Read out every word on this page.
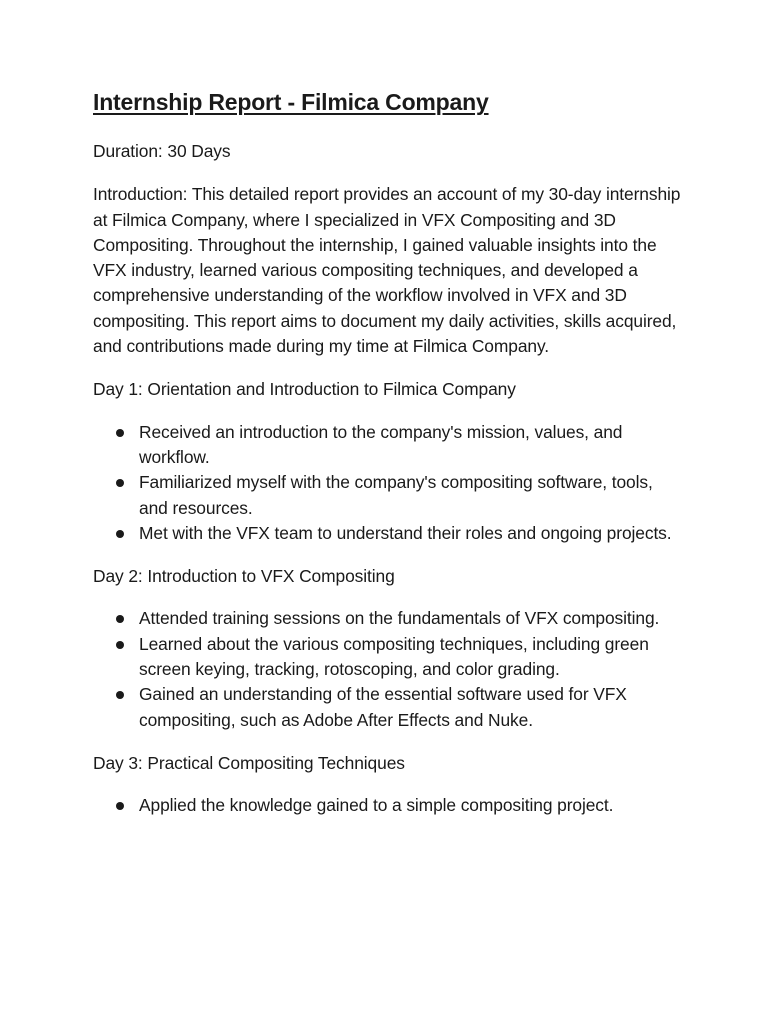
Internship Report - Filmica Company

Duration: 30 Days

Introduction: This detailed report provides an account of my 30-day internship at Filmica Company, where I specialized in VFX Compositing and 3D Compositing. Throughout the internship, I gained valuable insights into the VFX industry, learned various compositing techniques, and developed a comprehensive understanding of the workflow involved in VFX and 3D compositing. This report aims to document my daily activities, skills acquired, and contributions made during my time at Filmica Company.

Day 1: Orientation and Introduction to Filmica Company

Received an introduction to the company's mission, values, and workflow.
Familiarized myself with the company's compositing software, tools, and resources.
Met with the VFX team to understand their roles and ongoing projects.

Day 2: Introduction to VFX Compositing

Attended training sessions on the fundamentals of VFX compositing.
Learned about the various compositing techniques, including green screen keying, tracking, rotoscoping, and color grading.
Gained an understanding of the essential software used for VFX compositing, such as Adobe After Effects and Nuke.

Day 3: Practical Compositing Techniques

Applied the knowledge gained to a simple compositing project.
